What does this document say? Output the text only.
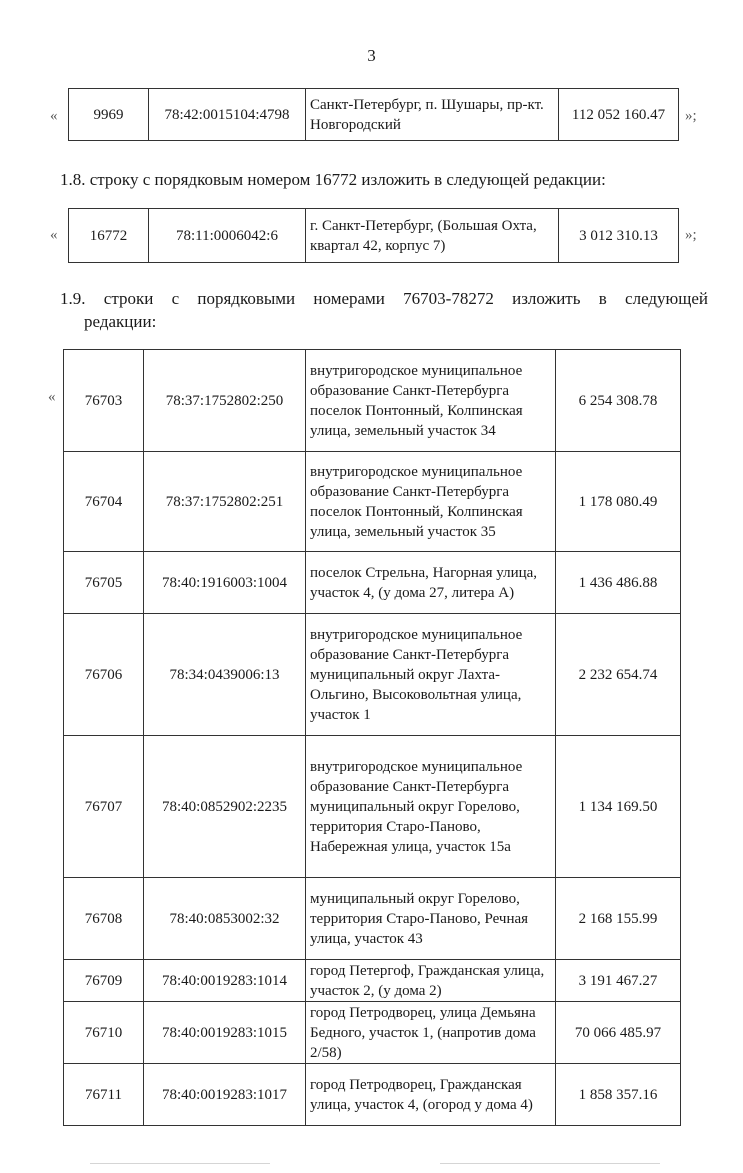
3
« 9969	78:42:0015104:4798	Санкт-Петербург, п. Шушары, пр-кт. Новгородский	112 052 160.47 »;
1.8. строку с порядковым номером 16772 изложить в следующей редакции:
« 16772	78:11:0006042:6	г. Санкт-Петербург, (Большая Охта, квартал 42, корпус 7)	3 012 310.13 »;
1.9. строки с порядковыми номерами 76703-78272 изложить в следующей
редакции:
« 76703	78:37:1752802:250	внутригородское муниципальное образование Санкт-Петербурга поселок Понтонный, Колпинская улица, земельный участок 34	6 254 308.78
76704	78:37:1752802:251	внутригородское муниципальное образование Санкт-Петербурга поселок Понтонный, Колпинская улица, земельный участок 35	1 178 080.49
76705	78:40:1916003:1004	поселок Стрельна, Нагорная улица, участок 4, (у дома 27, литера А)	1 436 486.88
76706	78:34:0439006:13	внутригородское муниципальное образование Санкт-Петербурга муниципальный округ Лахта-Ольгино, Высоковольтная улица, участок 1	2 232 654.74
76707	78:40:0852902:2235	внутригородское муниципальное образование Санкт-Петербурга муниципальный округ Горелово, территория Старо-Паново, Набережная улица, участок 15а	1 134 169.50
76708	78:40:0853002:32	муниципальный округ Горелово, территория Старо-Паново, Речная улица, участок 43	2 168 155.99
76709	78:40:0019283:1014	город Петергоф, Гражданская улица, участок 2, (у дома 2)	3 191 467.27
76710	78:40:0019283:1015	город Петродворец, улица Демьяна Бедного, участок 1, (напротив дома 2/58)	70 066 485.97
76711	78:40:0019283:1017	город Петродворец, Гражданская улица, участок 4, (огород у дома 4)	1 858 357.16
